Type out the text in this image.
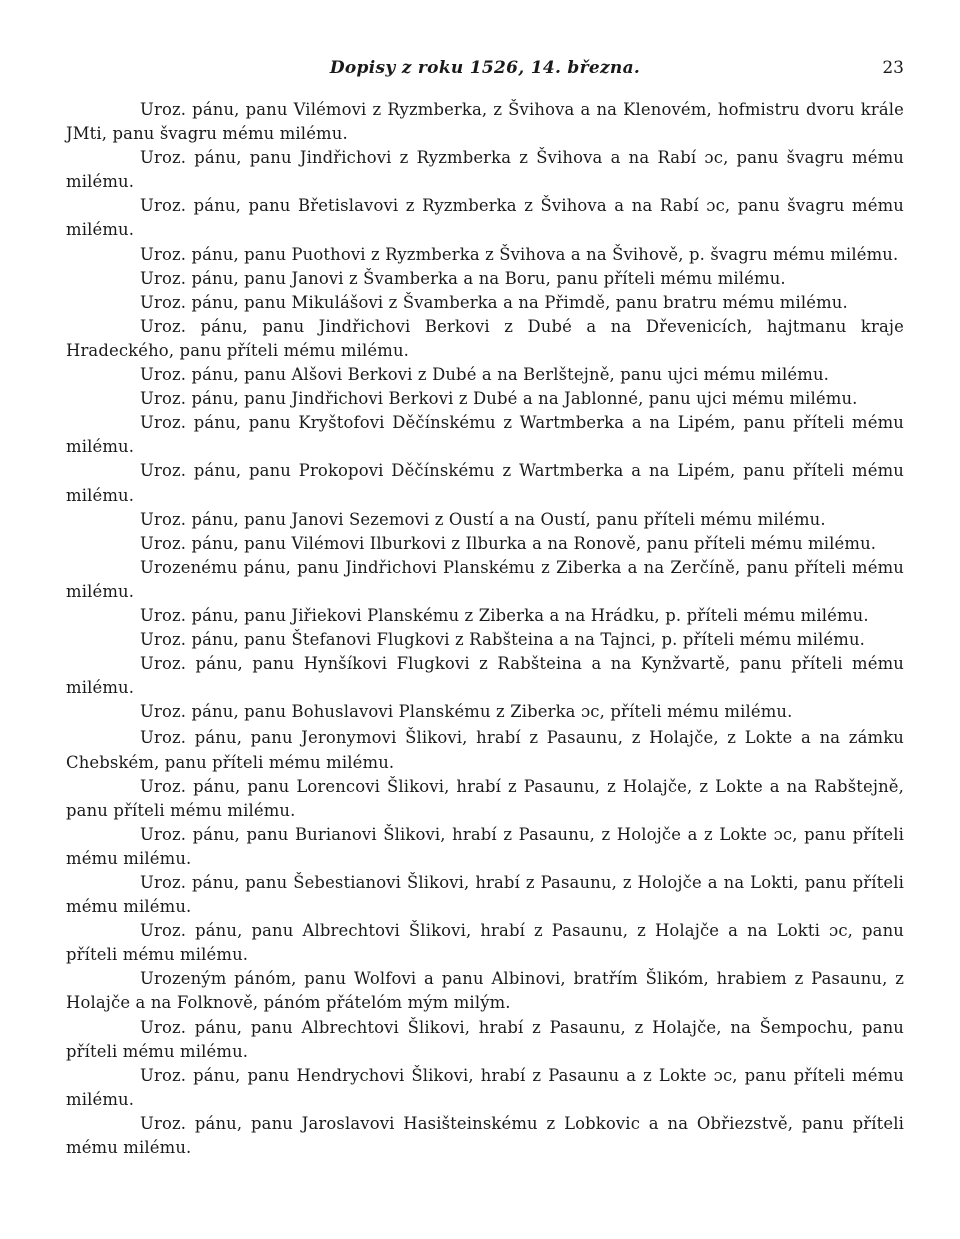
Dopisy z roku 1526, 14. března.	23

Uroz. pánu, panu Vilémovi z Ryzmberka, z Švihova a na Klenovém, hofmistru dvoru krále JMti, panu švagru mému milému.

Uroz. pánu, panu Jindřichovi z Ryzmberka z Švihova a na Rabí ɔc, panu švagru mému milému.

Uroz. pánu, panu Břetislavovi z Ryzmberka z Švihova a na Rabí ɔc, panu švagru mému milému.

Uroz. pánu, panu Puothovi z Ryzmberka z Švihova a na Švihově, p. švagru mému milému.

Uroz. pánu, panu Janovi z Švamberka a na Boru, panu příteli mému milému.

Uroz. pánu, panu Mikulášovi z Švamberka a na Přimdě, panu bratru mému milému.

Uroz. pánu, panu Jindřichovi Berkovi z Dubé a na Dřevenicích, hajtmanu kraje Hradeckého, panu příteli mému milému.

Uroz. pánu, panu Alšovi Berkovi z Dubé a na Berlštejně, panu ujci mému milému.

Uroz. pánu, panu Jindřichovi Berkovi z Dubé a na Jablonné, panu ujci mému milému.

Uroz. pánu, panu Kryštofovi Děčínskému z Wartmberka a na Lipém, panu příteli mému milému.

Uroz. pánu, panu Prokopovi Děčínskému z Wartmberka a na Lipém, panu příteli mému milému.

Uroz. pánu, panu Janovi Sezemovi z Oustí a na Oustí, panu příteli mému milému.

Uroz. pánu, panu Vilémovi Ilburkovi z Ilburka a na Ronově, panu příteli mému milému.

Urozenému pánu, panu Jindřichovi Planskému z Ziberka a na Zerčíně, panu příteli mému milému.

Uroz. pánu, panu Jiřiekovi Planskému z Ziberka a na Hrádku, p. příteli mému milému.

Uroz. pánu, panu Štefanovi Flugkovi z Rabšteina a na Tajnci, p. příteli mému milému.

Uroz. pánu, panu Hynšíkovi Flugkovi z Rabšteina a na Kynžvartě, panu příteli mému milému.

Uroz. pánu, panu Bohuslavovi Planskému z Ziberka ɔc, příteli mému milému.

Uroz. pánu, panu Jeronymovi Šlikovi, hrabí z Pasaunu, z Holajče, z Lokte a na zámku Chebském, panu příteli mému milému.

Uroz. pánu, panu Lorencovi Šlikovi, hrabí z Pasaunu, z Holajče, z Lokte a na Rabštejně, panu příteli mému milému.

Uroz. pánu, panu Burianovi Šlikovi, hrabí z Pasaunu, z Holojče a z Lokte ɔc, panu příteli mému milému.

Uroz. pánu, panu Šebestianovi Šlikovi, hrabí z Pasaunu, z Holojče a na Lokti, panu příteli mému milému.

Uroz. pánu, panu Albrechtovi Šlikovi, hrabí z Pasaunu, z Holajče a na Lokti ɔc, panu příteli mému milému.

Urozeným pánóm, panu Wolfovi a panu Albinovi, bratřím Šlikóm, hrabiem z Pasaunu, z Holajče a na Folknově, pánóm přátelóm mým milým.

Uroz. pánu, panu Albrechtovi Šlikovi, hrabí z Pasaunu, z Holajče, na Šempochu, panu příteli mému milému.

Uroz. pánu, panu Hendrychovi Šlikovi, hrabí z Pasaunu a z Lokte ɔc, panu příteli mému milému.

Uroz. pánu, panu Jaroslavovi Hasišteinskému z Lobkovic a na Obřiezstvě, panu příteli mému milému.
